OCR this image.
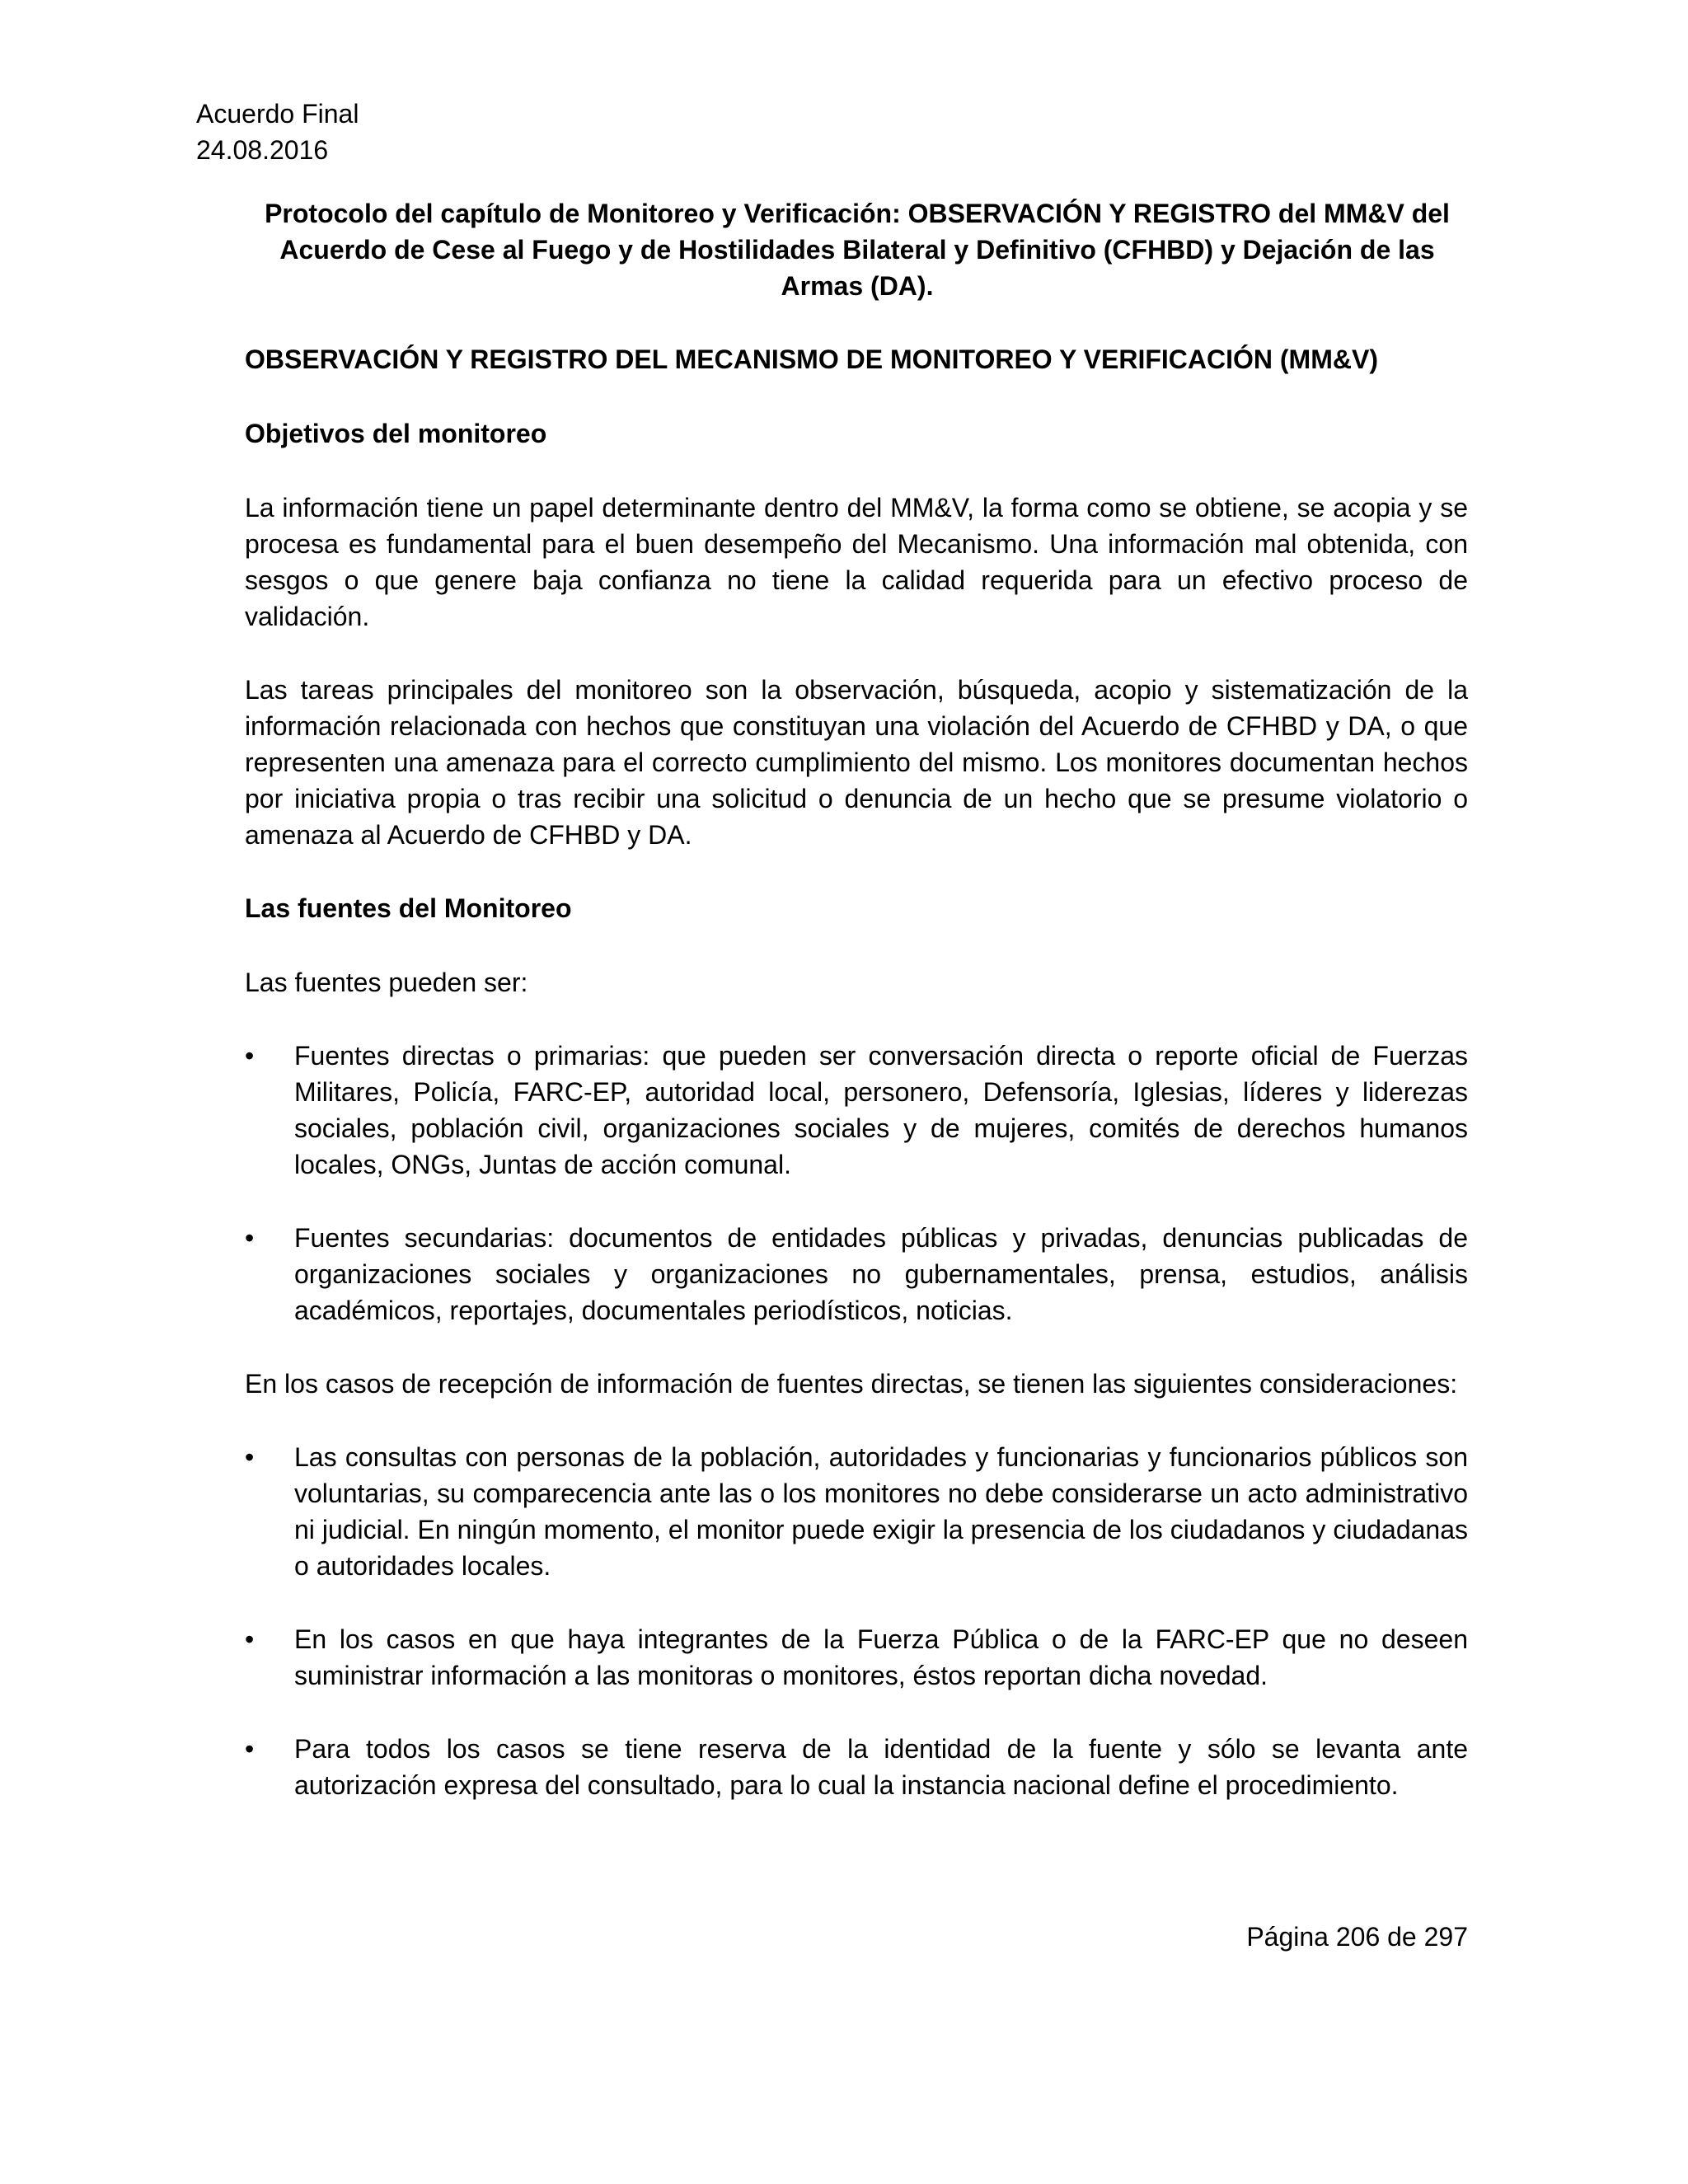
Acuerdo Final
24.08.2016
Protocolo del capítulo de Monitoreo y Verificación: OBSERVACIÓN Y REGISTRO del MM&V del Acuerdo de Cese al Fuego y de Hostilidades Bilateral y Definitivo (CFHBD) y Dejación de las Armas (DA).
OBSERVACIÓN Y REGISTRO DEL MECANISMO DE MONITOREO Y VERIFICACIÓN (MM&V)
Objetivos del monitoreo

La información tiene un papel determinante dentro del MM&V, la forma como se obtiene, se acopia y se procesa es fundamental para el buen desempeño del Mecanismo. Una información mal obtenida, con sesgos o que genere baja confianza no tiene la calidad requerida para un efectivo proceso de validación.

Las tareas principales del monitoreo son la observación, búsqueda, acopio y sistematización de la información relacionada con hechos que constituyan una violación del Acuerdo de CFHBD y DA, o que representen una amenaza para el correcto cumplimiento del mismo. Los monitores documentan hechos por iniciativa propia o tras recibir una solicitud o denuncia de un hecho que se presume violatorio o amenaza al Acuerdo de CFHBD y DA.

Las fuentes del Monitoreo

Las fuentes pueden ser:

• Fuentes directas o primarias: que pueden ser conversación directa o reporte oficial de Fuerzas Militares, Policía, FARC-EP, autoridad local, personero, Defensoría, Iglesias, líderes y liderezas sociales, población civil, organizaciones sociales y de mujeres, comités de derechos humanos locales, ONGs, Juntas de acción comunal.
• Fuentes secundarias: documentos de entidades públicas y privadas, denuncias publicadas de organizaciones sociales y organizaciones no gubernamentales, prensa, estudios, análisis académicos, reportajes, documentales periodísticos, noticias.

En los casos de recepción de información de fuentes directas, se tienen las siguientes consideraciones:

• Las consultas con personas de la población, autoridades y funcionarias y funcionarios públicos son voluntarias, su comparecencia ante las o los monitores no debe considerarse un acto administrativo ni judicial. En ningún momento, el monitor puede exigir la presencia de los ciudadanos y ciudadanas o autoridades locales.
• En los casos en que haya integrantes de la Fuerza Pública o de la FARC-EP que no deseen suministrar información a las monitoras o monitores, éstos reportan dicha novedad.
• Para todos los casos se tiene reserva de la identidad de la fuente y sólo se levanta ante autorización expresa del consultado, para lo cual la instancia nacional define el procedimiento.
Página 206 de 297
